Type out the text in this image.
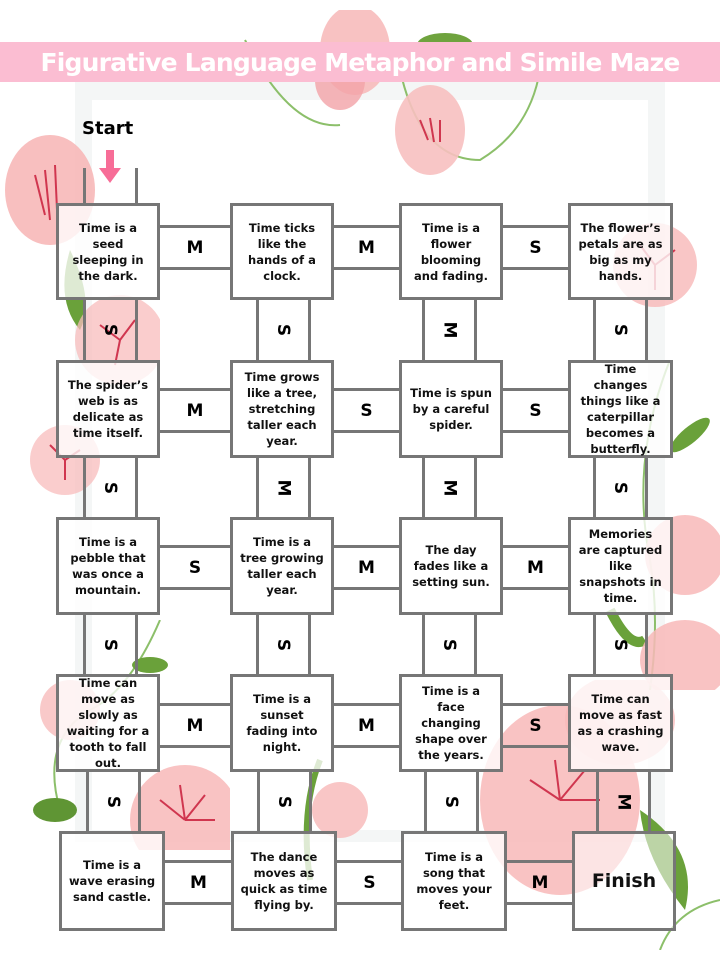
Figurative Language Metaphor and Simile Maze
Start
Time is a seed sleeping in the dark.
M
Time ticks like the hands of a clock.
M
Time is a flower blooming and fading.
S
The flower’s petals are as big as my hands.
S	S	M	S
The spider’s web is as delicate as time itself.
M
Time grows like a tree, stretching taller each year.
S
Time is spun by a careful spider.
S
Time changes things like a caterpillar becomes a butterfly.
S	M	M	S
Time is a pebble that was once a mountain.
S
Time is a tree growing taller each year.
M
The day fades like a setting sun.
M
Memories are captured like snapshots in time.
S	S	S	S
Time can move as slowly as waiting for a tooth to fall out.
M
Time is a sunset fading into night.
M
Time is a face changing shape over the years.
S
Time can move as fast as a crashing wave.
S	S	S	M
Time is a wave erasing sand castle.
M
The dance moves as quick as time flying by.
S
Time is a song that moves your feet.
M	Finish
